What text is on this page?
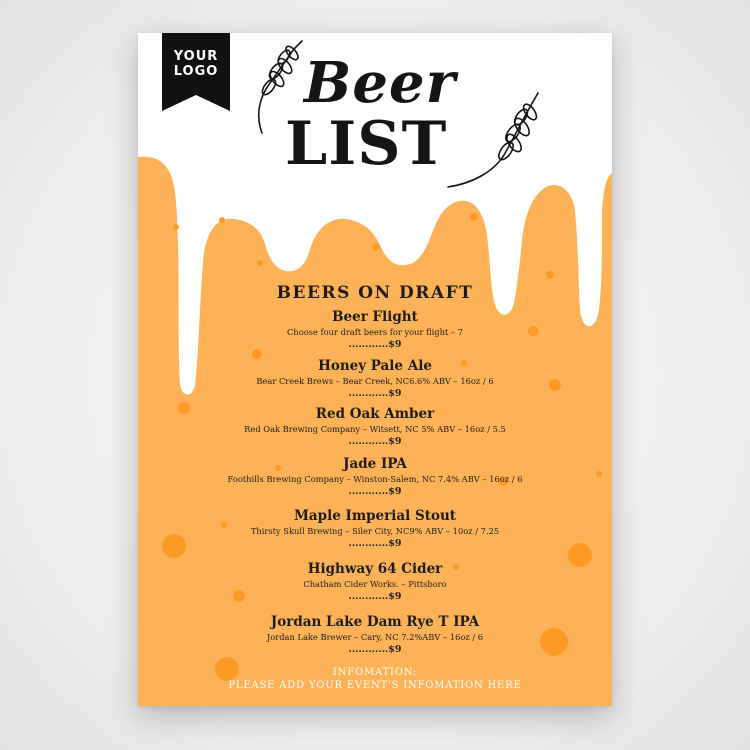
YOUR
LOGO Beer
LIST
BEERS ON DRAFT
Beer Flight
Choose four draft beers for your flight – 7
............$9
Honey Pale Ale
Bear Creek Brews – Bear Creek, NC6.6% ABV – 16oz / 6
............$9
Red Oak Amber
Red Oak Brewing Company – Witsett, NC 5% ABV – 16oz / 5.5
............$9
Jade IPA
Foothills Brewing Company – Winston-Salem, NC 7.4% ABV – 16oz / 6
............$9
Maple Imperial Stout
Thirsty Skull Brewing – Siler City, NC9% ABV – 10oz / 7.25
............$9
Highway 64 Cider
Chatham Cider Works. – Pittsboro
............$9
Jordan Lake Dam Rye T IPA
Jordan Lake Brewer – Cary, NC 7.2%ABV – 16oz / 6
............$9
INFOMATION:
PLEASE ADD YOUR EVENT'S INFOMATION HERE
